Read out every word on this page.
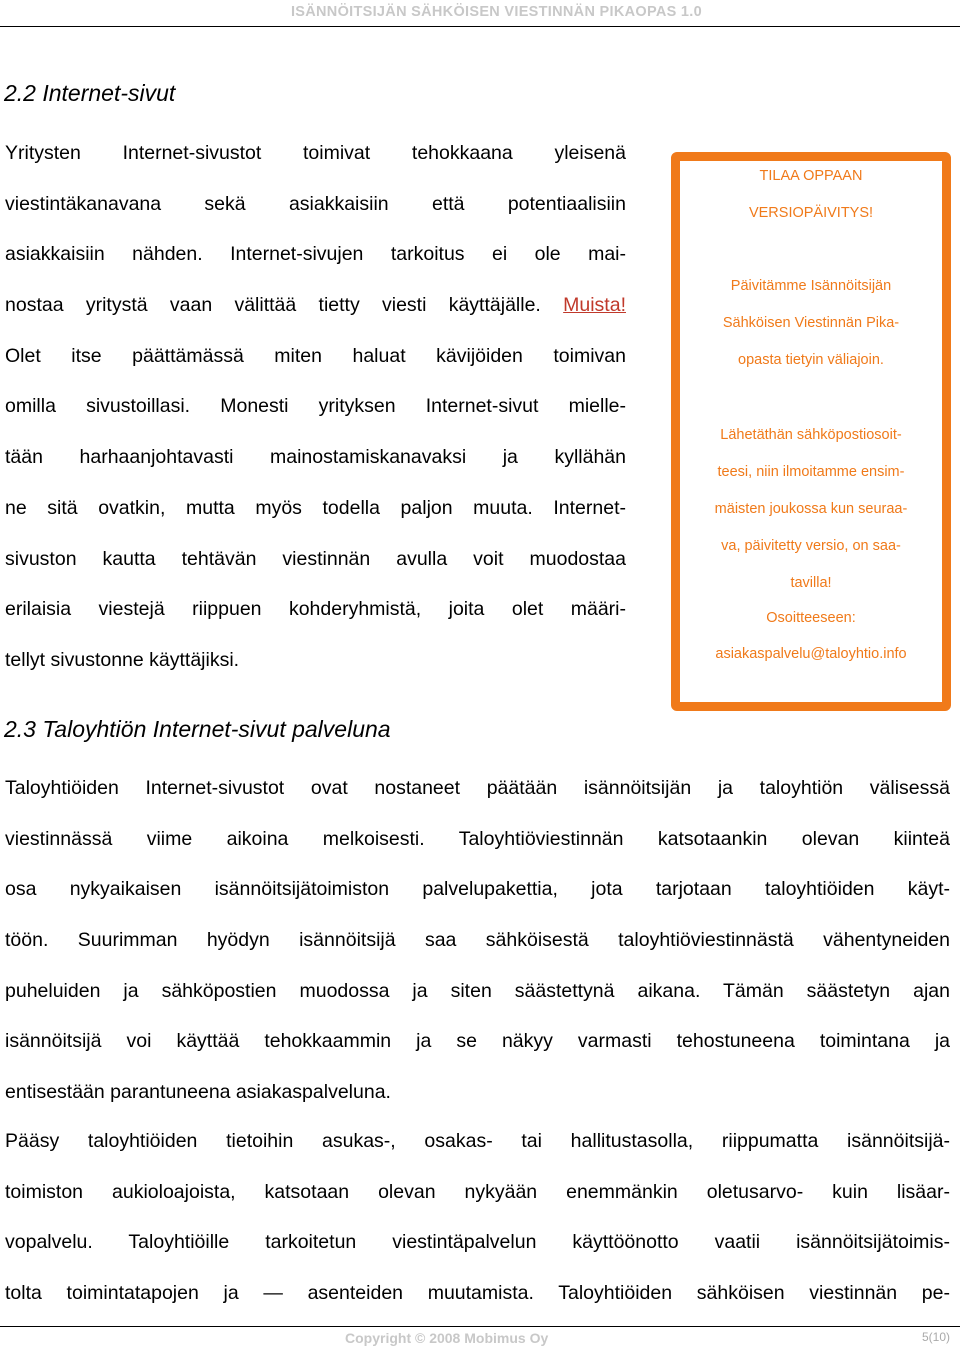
ISÄNNÖITSIJÄN SÄHKÖISEN VIESTINNÄN PIKAOPAS 1.0
2.2 Internet-sivut
Yritysten Internet-sivustot toimivat tehokkaana yleisenä
viestintäkanavana sekä asiakkaisiin että potentiaalisiin
asiakkaisiin nähden. Internet-sivujen tarkoitus ei ole mai-
nostaa yritystä vaan välittää tietty viesti käyttäjälle. Muista!
Olet itse päättämässä miten haluat kävijöiden toimivan
omilla sivustoillasi. Monesti yrityksen Internet-sivut mielle-
tään harhaanjohtavasti mainostamiskanavaksi ja kyllähän
ne sitä ovatkin, mutta myös todella paljon muuta. Internet-
sivuston kautta tehtävän viestinnän avulla voit muodostaa
erilaisia viestejä riippuen kohderyhmistä, joita olet määri-
tellyt sivustonne käyttäjiksi.
TILAA OPPAAN
VERSIOPÄIVITYS!
Päivitämme Isännöitsijän
Sähköisen Viestinnän Pika-
opasta tietyin väliajoin.
Lähetäthän sähköpostiosoit-
teesi, niin ilmoitamme ensim-
mäisten joukossa kun seuraa-
va, päivitetty versio, on saa-
tavilla!
Osoitteeseen:
asiakaspalvelu@taloyhtio.info
2.3 Taloyhtiön Internet-sivut palveluna
Taloyhtiöiden Internet-sivustot ovat nostaneet päätään isännöitsijän ja taloyhtiön välisessä
viestinnässä viime aikoina melkoisesti. Taloyhtiöviestinnän katsotaankin olevan kiinteä
osa nykyaikaisen isännöitsijätoimiston palvelupakettia, jota tarjotaan taloyhtiöiden käyt-
töön. Suurimman hyödyn isännöitsijä saa sähköisestä taloyhtiöviestinnästä vähentyneiden
puheluiden ja sähköpostien muodossa ja siten säästettynä aikana. Tämän säästetyn ajan
isännöitsijä voi käyttää tehokkaammin ja se näkyy varmasti tehostuneena toimintana ja
entisestään parantuneena asiakaspalveluna.
Pääsy taloyhtiöiden tietoihin asukas-, osakas- tai hallitustasolla, riippumatta isännöitsijä-
toimiston aukioloajoista, katsotaan olevan nykyään enemmänkin oletusarvo- kuin lisäar-
vopalvelu. Taloyhtiöille tarkoitetun viestintäpalvelun käyttöönotto vaatii isännöitsijätoimis-
tolta toimintatapojen ja — asenteiden muutamista. Taloyhtiöiden sähköisen viestinnän pe-
Copyright © 2008 Mobimus Oy	5(10)
